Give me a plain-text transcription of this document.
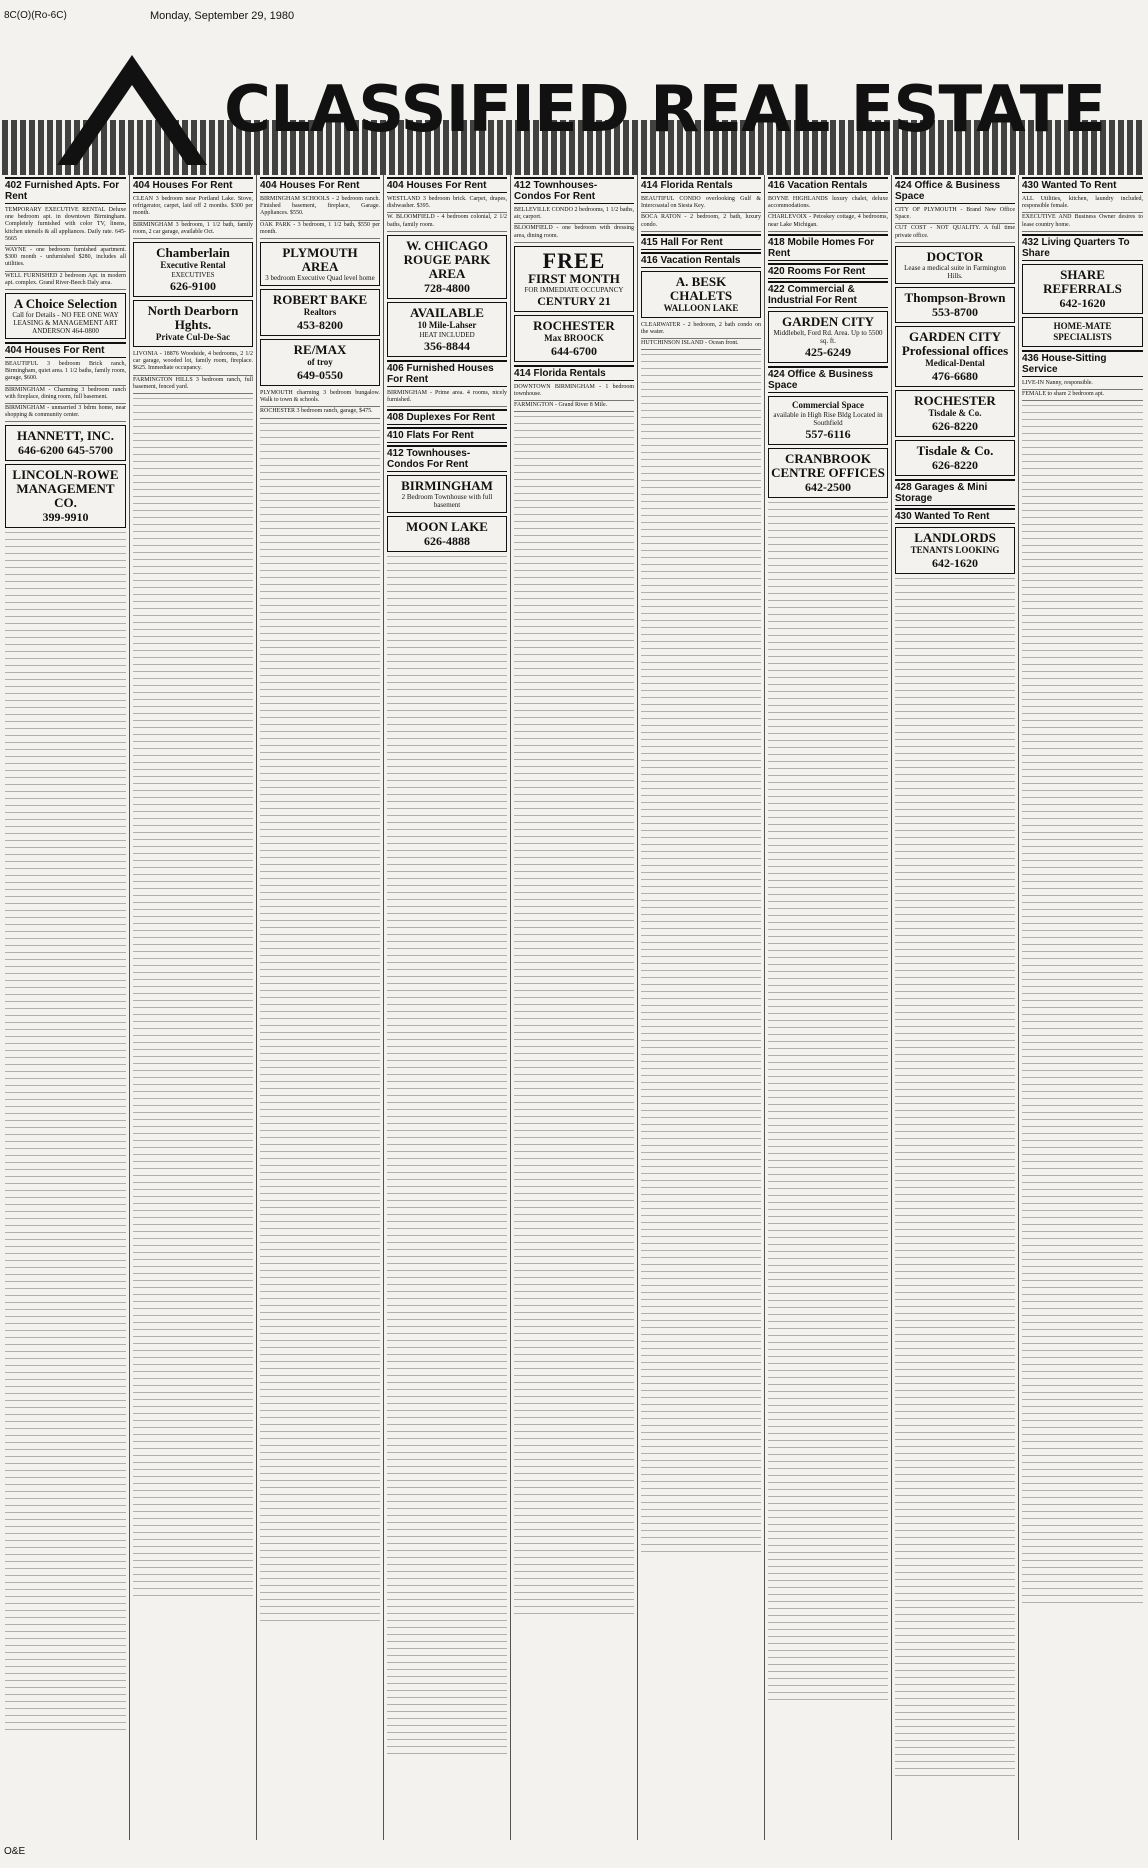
8C(O)(Ro-6C)	Monday, September 29, 1980
CLASSIFIED REAL ESTATE
402 Furnished Apts. For Rent

TEMPORARY EXECUTIVE RENTAL Deluxe one bedroom apt. in downtown Birmingham. Completely furnished with color TV, linens, kitchen utensils & all appliances. Daily rate. 645-5665

WAYNE - one bedroom furnished apartment. $300 month - unfurnished $280, includes all utilities.

WELL FURNISHED 2 bedroom Apt. in modern apt. complex. Grand River-Beech Daly area.

A Choice Selection
Call for Details - NO FEE ONE WAY LEASING & MANAGEMENT ART ANDERSON 464-0800
404 Houses For Rent

BEAUTIFUL 3 bedroom Brick ranch, Birmingham, quiet area. 1 1/2 baths, family room, garage, $600.

BIRMINGHAM - Charming 3 bedroom ranch with fireplace, dining room, full basement.

BIRMINGHAM - unmarried 3 bdrm home, near shopping & community center.

HANNETT, INC.
646-6200 645-5700
LINCOLN-ROWE MANAGEMENT CO.
399-9910
404 Houses For Rent

CLEAN 3 bedroom near Portland Lake. Stove, refrigerator, carpet, laid off 2 months. $300 per month.

BIRMINGHAM 3 bedroom, 1 1/2 bath, family room, 2 car garage, available Oct.

Chamberlain
Executive Rental
EXECUTIVES
626-9100
North Dearborn Hghts.
Private Cul-De-Sac

LIVONIA - 18876 Woodside, 4 bedrooms, 2 1/2 car garage, wooded lot, family room, fireplace. $625. Immediate occupancy.

FARMINGTON HILLS 3 bedroom ranch, full basement, fenced yard.

404 Houses For Rent

BIRMINGHAM SCHOOLS - 2 bedroom ranch. Finished basement, fireplace, Garage. Appliances. $550.

OAK PARK - 3 bedroom, 1 1/2 bath, $550 per month.

PLYMOUTH AREA
3 bedroom Executive Quad level home
ROBERT BAKE
Realtors
453-8200
RE/MAX
of troy
649-0550

PLYMOUTH charming 3 bedroom bungalow. Walk to town & schools.

ROCHESTER 3 bedroom ranch, garage, $475.

404 Houses For Rent

WESTLAND 3 bedroom brick. Carpet, drapes, dishwasher. $395.

W. BLOOMFIELD - 4 bedroom colonial, 2 1/2 baths, family room.

W. CHICAGO ROUGE PARK AREA
728-4800
AVAILABLE
10 Mile-Lahser
HEAT INCLUDED
356-8844
406 Furnished Houses For Rent

BIRMINGHAM - Prime area. 4 rooms, nicely furnished.

408 Duplexes For Rent
410 Flats For Rent
412 Townhouses-Condos For Rent
BIRMINGHAM
2 Bedroom Townhouse with full basement
MOON LAKE
626-4888
412 Townhouses-Condos For Rent

BELLEVILLE CONDO 2 bedrooms, 1 1/2 baths, air, carport.

BLOOMFIELD - one bedroom with dressing area, dining room.

FREE
FIRST MONTH
FOR IMMEDIATE OCCUPANCY
CENTURY 21
ROCHESTER
Max BROOCK
644-6700
414 Florida Rentals

DOWNTOWN BIRMINGHAM - 1 bedroom townhouse.

FARMINGTON - Grand River 8 Mile.

414 Florida Rentals

BEAUTIFUL CONDO overlooking Gulf & Intercoastal on Siesta Key.

BOCA RATON - 2 bedroom, 2 bath, luxury condo.

415 Hall For Rent
416 Vacation Rentals
A. BESK CHALETS
WALLOON LAKE

CLEARWATER - 2 bedroom, 2 bath condo on the water.

HUTCHINSON ISLAND - Ocean front.

416 Vacation Rentals

BOYNE HIGHLANDS luxury chalet, deluxe accommodations.

CHARLEVOIX - Petoskey cottage, 4 bedrooms, near Lake Michigan.

418 Mobile Homes For Rent
420 Rooms For Rent
422 Commercial & Industrial For Rent
GARDEN CITY
Middlebelt, Ford Rd. Area. Up to 5500 sq. ft.
425-6249
424 Office & Business Space
Commercial Space
available in High Rise Bldg Located in Southfield
557-6116
CRANBROOK CENTRE OFFICES
642-2500
424 Office & Business Space

CITY OF PLYMOUTH - Brand New Office Space.

CUT COST - NOT QUALITY. A full time private office.

DOCTOR
Lease a medical suite in Farmington Hills.
Thompson-Brown
553-8700
GARDEN CITY Professional offices
Medical-Dental
476-6680
ROCHESTER
Tisdale & Co.
626-8220
Tisdale & Co.
626-8220
428 Garages & Mini Storage
430 Wanted To Rent
LANDLORDS
TENANTS LOOKING
642-1620
430 Wanted To Rent

ALL Utilities, kitchen, laundry included, responsible female.

EXECUTIVE AND Business Owner desires to lease country home.

432 Living Quarters To Share
SHARE REFERRALS
642-1620
HOME-MATE SPECIALISTS
436 House-Sitting Service

LIVE-IN Nanny, responsible.

FEMALE to share 2 bedroom apt.

O&E
